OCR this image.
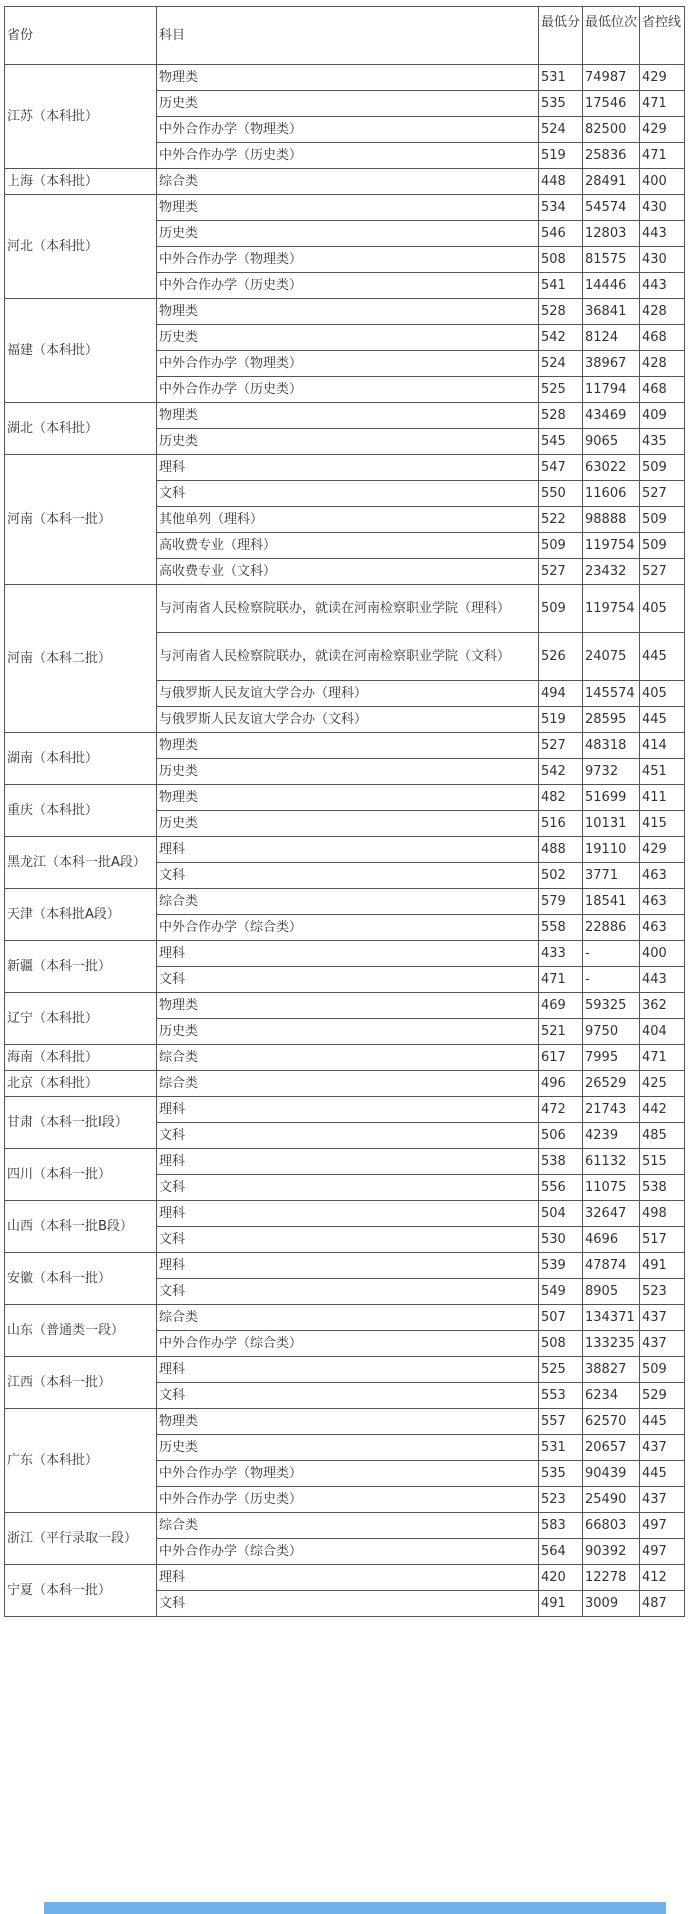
省份	科目	最低分	最低位次	省控线
江苏（本科批）	物理类	531	74987	429
	历史类	535	17546	471
	中外合作办学（物理类）	524	82500	429
	中外合作办学（历史类）	519	25836	471
上海（本科批）	综合类	448	28491	400
河北（本科批）	物理类	534	54574	430
	历史类	546	12803	443
	中外合作办学（物理类）	508	81575	430
	中外合作办学（历史类）	541	14446	443
福建（本科批）	物理类	528	36841	428
	历史类	542	8124	468
	中外合作办学（物理类）	524	38967	428
	中外合作办学（历史类）	525	11794	468
湖北（本科批）	物理类	528	43469	409
	历史类	545	9065	435
河南（本科一批）	理科	547	63022	509
	文科	550	11606	527
	其他单列（理科）	522	98888	509
	高收费专业（理科）	509	119754	509
	高收费专业（文科）	527	23432	527
河南（本科二批）	与河南省人民检察院联办，就读在河南检察职业学院（理科）	509	119754	405
	与河南省人民检察院联办，就读在河南检察职业学院（文科）	526	24075	445
	与俄罗斯人民友谊大学合办（理科）	494	145574	405
	与俄罗斯人民友谊大学合办（文科）	519	28595	445
湖南（本科批）	物理类	527	48318	414
	历史类	542	9732	451
重庆（本科批）	物理类	482	51699	411
	历史类	516	10131	415
黑龙江（本科一批A段）	理科	488	19110	429
	文科	502	3771	463
天津（本科批A段）	综合类	579	18541	463
	中外合作办学（综合类）	558	22886	463
新疆（本科一批）	理科	433	-	400
	文科	471	-	443
辽宁（本科批）	物理类	469	59325	362
	历史类	521	9750	404
海南（本科批）	综合类	617	7995	471
北京（本科批）	综合类	496	26529	425
甘肃（本科一批I段）	理科	472	21743	442
	文科	506	4239	485
四川（本科一批）	理科	538	61132	515
	文科	556	11075	538
山西（本科一批B段）	理科	504	32647	498
	文科	530	4696	517
安徽（本科一批）	理科	539	47874	491
	文科	549	8905	523
山东（普通类一段）	综合类	507	134371	437
	中外合作办学（综合类）	508	133235	437
江西（本科一批）	理科	525	38827	509
	文科	553	6234	529
广东（本科批）	物理类	557	62570	445
	历史类	531	20657	437
	中外合作办学（物理类）	535	90439	445
	中外合作办学（历史类）	523	25490	437
浙江（平行录取一段）	综合类	583	66803	497
	中外合作办学（综合类）	564	90392	497
宁夏（本科一批）	理科	420	12278	412
	文科	491	3009	487
